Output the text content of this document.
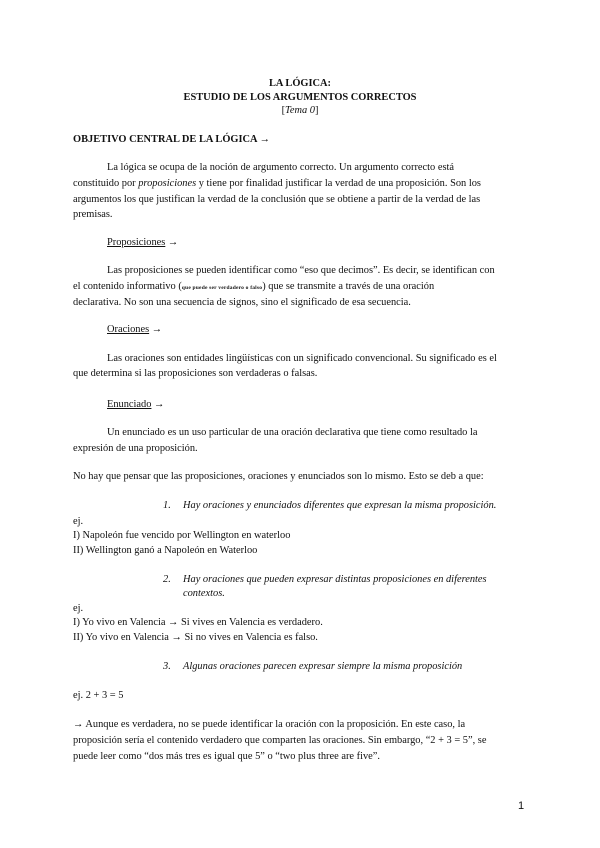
LA LÓGICA:
ESTUDIO DE LOS ARGUMENTOS CORRECTOS
[Tema 0]
OBJETIVO CENTRAL DE LA LÓGICA →
La lógica se ocupa de la noción de argumento correcto. Un argumento correcto está
constituido por proposiciones y tiene por finalidad justificar la verdad de una proposición. Son los
argumentos los que justifican la verdad de la conclusión que se obtiene a partir de la verdad de las
premisas.
Proposiciones →
Las proposiciones se pueden identificar como “eso que decimos”. Es decir, se identifican con
el contenido informativo (que puede ser verdadero o falso) que se transmite a través de una oración
declarativa. No son una secuencia de signos, sino el significado de esa secuencia.
Oraciones →
Las oraciones son entidades lingüísticas con un significado convencional. Su significado es el
que determina si las proposiciones son verdaderas o falsas.
Enunciado →
Un enunciado es un uso particular de una oración declarativa que tiene como resultado la
expresión de una proposición.
No hay que pensar que las proposiciones, oraciones y enunciados son lo mismo. Esto se deb a que:
1. Hay oraciones y enunciados diferentes que expresan la misma proposición.
ej.
I) Napoleón fue vencido por Wellington en waterloo
II) Wellington ganó a Napoleón en Waterloo
2. Hay oraciones que pueden expresar distintas proposiciones en diferentes
contextos.
ej.
I) Yo vivo en Valencia → Si vives en Valencia es verdadero.
II) Yo vivo en Valencia → Si no vives en Valencia es falso.
3. Algunas oraciones parecen expresar siempre la misma proposición
ej. 2 + 3 = 5
→ Aunque es verdadera, no se puede identificar la oración con la proposición. En este caso, la
proposición sería el contenido verdadero que comparten las oraciones. Sin embargo, “2 + 3 = 5”, se
puede leer como “dos más tres es igual que 5” o “two plus three are five”.
1
